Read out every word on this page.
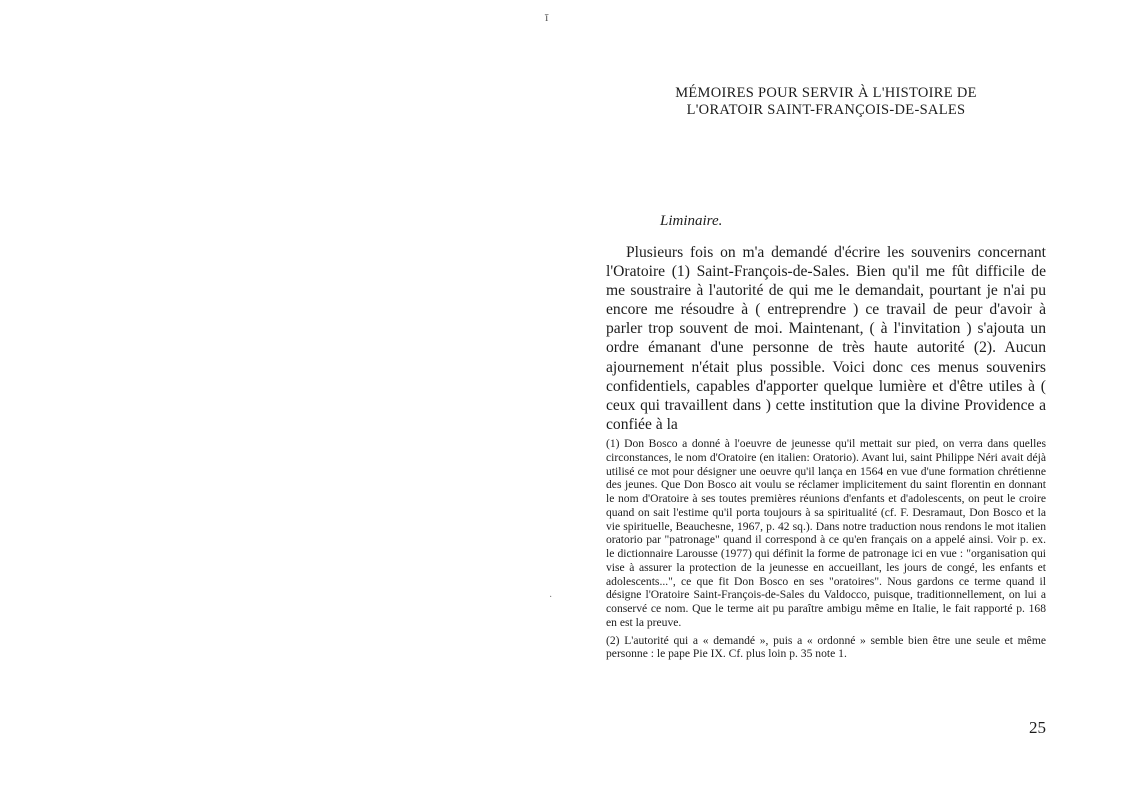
ī
·
MÉMOIRES POUR SERVIR À L'HISTOIRE DE
L'ORATOIR SAINT-FRANÇOIS-DE-SALES

Liminaire.

Plusieurs fois on m'a demandé d'écrire les souvenirs concernant l'Oratoire (1) Saint-François-de-Sales. Bien qu'il me fût difficile de me soustraire à l'autorité de qui me le demandait, pourtant je n'ai pu encore me résoudre à ( entreprendre ) ce travail de peur d'avoir à parler trop souvent de moi. Maintenant, ( à l'invitation ) s'ajouta un ordre émanant d'une personne de très haute autorité (2). Aucun ajournement n'était plus possible. Voici donc ces menus souvenirs confidentiels, capables d'apporter quelque lumière et d'être utiles à ( ceux qui travaillent dans ) cette institution que la divine Providence a confiée à la

(1) Don Bosco a donné à l'oeuvre de jeunesse qu'il mettait sur pied, on verra dans quelles circonstances, le nom d'Oratoire (en italien: Oratorio). Avant lui, saint Philippe Néri avait déjà utilisé ce mot pour désigner une oeuvre qu'il lança en 1564 en vue d'une formation chrétienne des jeunes. Que Don Bosco ait voulu se réclamer implicitement du saint florentin en donnant le nom d'Oratoire à ses toutes premières réunions d'enfants et d'adolescents, on peut le croire quand on sait l'estime qu'il porta toujours à sa spiritualité (cf. F. Desramaut, Don Bosco et la vie spirituelle, Beauchesne, 1967, p. 42 sq.). Dans notre traduction nous rendons le mot italien oratorio par "patronage" quand il correspond à ce qu'en français on a appelé ainsi. Voir p. ex. le dictionnaire Larousse (1977) qui définit la forme de patronage ici en vue : "organisation qui vise à assurer la protection de la jeunesse en accueillant, les jours de congé, les enfants et adolescents...", ce que fit Don Bosco en ses "oratoires". Nous gardons ce terme quand il désigne l'Oratoire Saint-François-de-Sales du Valdocco, puisque, traditionnellement, on lui a conservé ce nom. Que le terme ait pu paraître ambigu même en Italie, le fait rapporté p. 168 en est la preuve.

(2) L'autorité qui a « demandé », puis a « ordonné » semble bien être une seule et même personne : le pape Pie IX. Cf. plus loin p. 35 note 1.

25
